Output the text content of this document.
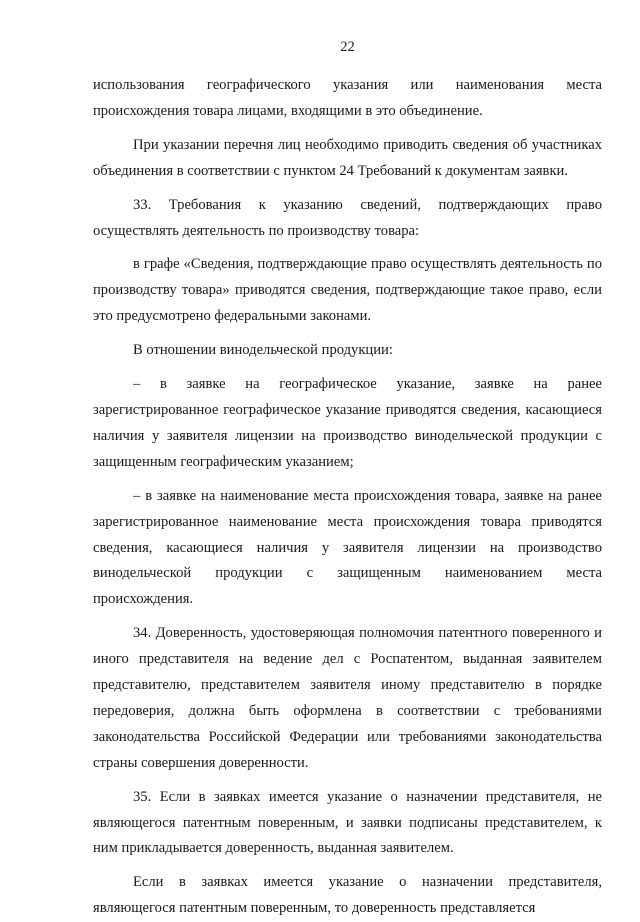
22

использования географического указания или наименования места происхождения товара лицами, входящими в это объединение.

При указании перечня лиц необходимо приводить сведения об участниках объединения в соответствии с пунктом 24 Требований к документам заявки.

33. Требования к указанию сведений, подтверждающих право осуществлять деятельность по производству товара:

в графе «Сведения, подтверждающие право осуществлять деятельность по производству товара» приводятся сведения, подтверждающие такое право, если это предусмотрено федеральными законами.

В отношении винодельческой продукции:

– в заявке на географическое указание, заявке на ранее зарегистрированное географическое указание приводятся сведения, касающиеся наличия у заявителя лицензии на производство винодельческой продукции с защищенным географическим указанием;

– в заявке на наименование места происхождения товара, заявке на ранее зарегистрированное наименование места происхождения товара приводятся сведения, касающиеся наличия у заявителя лицензии на производство винодельческой продукции с защищенным наименованием места происхождения.

34. Доверенность, удостоверяющая полномочия патентного поверенного и иного представителя на ведение дел с Роспатентом, выданная заявителем представителю, представителем заявителя иному представителю в порядке передоверия, должна быть оформлена в соответствии с требованиями законодательства Российской Федерации или требованиями законодательства страны совершения доверенности.

35. Если в заявках имеется указание о назначении представителя, не являющегося патентным поверенным, и заявки подписаны представителем, к ним прикладывается доверенность, выданная заявителем.

Если в заявках имеется указание о назначении представителя, являющегося патентным поверенным, то доверенность представляется
